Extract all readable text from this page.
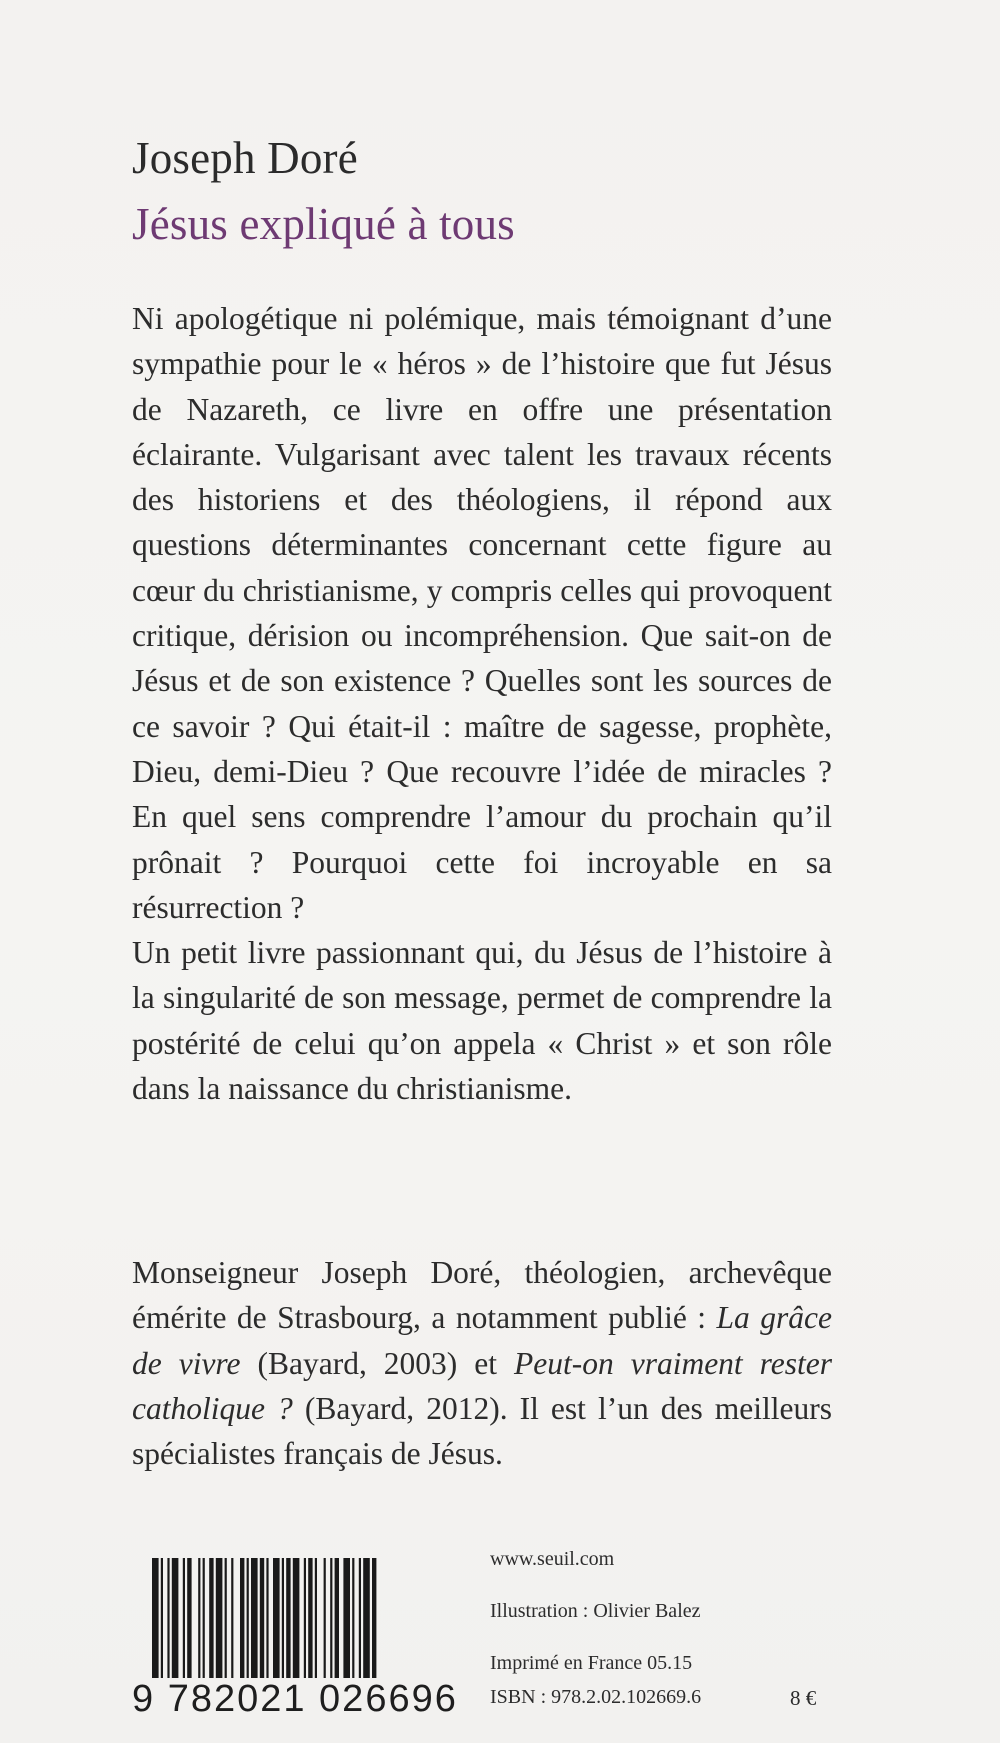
Joseph Doré
Jésus expliqué à tous

Ni apologétique ni polémique, mais témoignant d’une sympathie pour le « héros » de l’histoire que fut Jésus de Nazareth, ce livre en offre une présentation éclairante. Vulgarisant avec talent les travaux récents des historiens et des théologiens, il répond aux questions déterminantes concernant cette figure au cœur du christianisme, y compris celles qui provoquent critique, dérision ou incompréhension. Que sait-on de Jésus et de son existence ? Quelles sont les sources de ce savoir ? Qui était-il : maître de sagesse, prophète, Dieu, demi-Dieu ? Que recouvre l’idée de miracles ? En quel sens comprendre l’amour du prochain qu’il prônait ? Pourquoi cette foi incroyable en sa résurrection ?

Un petit livre passionnant qui, du Jésus de l’histoire à la singularité de son message, permet de comprendre la postérité de celui qu’on appela « Christ » et son rôle dans la naissance du christianisme.

Monseigneur Joseph Doré, théologien, archevêque émérite de Strasbourg, a notamment publié : La grâce de vivre (Bayard, 2003) et Peut-on vraiment rester catholique ? (Bayard, 2012). Il est l’un des meilleurs spécialistes français de Jésus.
9 782021 026696
www.seuil.com
Illustration : Olivier Balez
Imprimé en France 05.15
ISBN : 978.2.02.102669.6	8 €
